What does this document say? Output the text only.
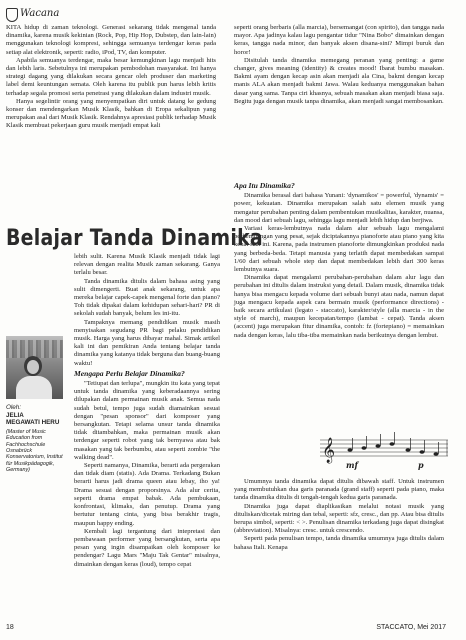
Wacana

KITA hidup di zaman teknologi. Generasi sekarang tidak mengenal tanda dinamika, karena musik kekinian (Rock, Pop, Hip Hop, Dubstep, dan lain-lain) menggunakan teknologi kompresi, sehingga semuanya terdengar keras pada setiap alat elektronik, seperti: radio, iPod, TV, dan komputer.

Apabila semuanya terdengar, maka besar kemungkinan lagu menjadi hits dan lebih laris. Sebetulnya ini merupakan pembodohan masyarakat. Ini hanya strategi dagang yang dilakukan secara gencar oleh produser dan marketing label demi keuntungan semata. Oleh karena itu publik pun harus lebih kritis terhadap segala promosi serta penetrasi yang dilakukan dalam industri musik.

Hanya segelintir orang yang menyempatkan diri untuk datang ke gedung konser dan mendengarkan Musik Klasik, bahkan di Eropa sekalipun yang merupakan asal dari Musik Klasik. Rendahnya apresiasi publik terhadap Musik Klasik membuat pekerjaan guru musik menjadi empat kali

seperti orang berbaris (alla marcia), bersemangat (con spirito), dan tangga nada mayor. Apa jadinya kalau lagu pengantar tidur "Nina Bobo" dimainkan dengan keras, tangga nada minor, dan banyak aksen disana-sini? Mimpi buruk dan horor!

Disitulah tanda dinamika memegang peranan yang penting: a game changer, gives meaning (identity) & creates mood! Ibarat bumbu masakan. Bakmi ayam dengan kecap asin akan menjadi ala Cina, bakmi dengan kecap manis ALA akan menjadi bakmi Jawa. Walau keduanya menggunakan bahan dasar yang sama. Tanpa ciri khasnya, sebuah masakan akan menjadi biasa saja. Begitu juga dengan musik tanpa dinamika, akan menjadi sangat membosankan.

Apa Itu Dinamika?

Dinamika berasal dari bahasa Yunani: 'dynamikos' = powerful, 'dynamis' = power, kekuatan. Dinamika merupakan salah satu elemen musik yang mengatur perubahan penting dalam pembentukan musikalitas, karakter, nuansa, dan mood dari sebuah lagu, sehingga lagu menjadi lebih hidup dan berjiwa.

Variasi keras-lembutnya nada dalam alur sebuah lagu mengalami perkembangan yang pesat, sejak diciptakannya pianoforte atau piano yang kita kenal saat ini. Karena, pada instrumen pianoforte dimungkinkan produksi nada yang berbeda-beda. Tetapi manusia yang terlatih dapat membedakan sampai 1/60 dari sebuah whole step dan dapat membedakan lebih dari 300 keras lembutnya suara.

Dinamika dapat mengalami perubahan-perubahan dalam alur lagu dan perubahan ini ditulis dalam instruksi yang detail. Dalam musik, dinamika tidak hanya bisa mengacu kepada volume dari sebuah bunyi atau nada, namun dapat juga mengacu kepada aspek cara bermain musik (performance directions) - baik secara artikulasi (legato - staccato), karakter/style (alla marcia - in the style of march), maupun kecepatan/tempo (lambat - cepat). Tanda aksen (accent) juga merupakan fitur dinamika, contoh: fz (fortepiano) = memainkan nada dengan keras, lalu tiba-tiba memainkan nada berikutnya dengan lembut.

Belajar Tanda Dinamika
Oleh:
JELIA
MEGAWATI HERU
(Master of Music Education from Fachhochschule Osnabrück Konservatorium, Institut für Musikpädagogik, Germany)

lebih sulit. Karena Musik Klasik menjadi tidak lagi relevan dengan realita Musik zaman sekarang. Ganya terlalu besar.

Tanda dinamika ditulis dalam bahasa asing yang sulit dimengerti. Buat anak sekarang, untuk apa mereka belajar capek-capek mengenal forte dan piano? Toh tidak dipakai dalam kehidupan sehari-hari? PR di sekolah sudah banyak, belum les ini-itu.

Tampaknya memang pendidikan musik masih menyisakan segudang PR bagi pelaku pendidikan musik. Harga yang harus dibayar mahal. Simak artikel kali ini dan pemikiran Anda tentang belajar tanda dinamika yang katanya tidak berguna dan buang-buang waktu!

Mengapa Perlu Belajar Dinamika?

"Tetiupat dan terlupa", mungkin itu kata yang tepat untuk tanda dinamika yang keberadaannya sering dilupakan dalam permainan musik anak. Semua nada sudah betul, tempo juga sudah diamainkan sesuai dengan "pesan sponsor" dari komposer yang bersangkutan. Tetapi selama unsur tanda dinamika tidak ditambahkan, maka permainan musik akan terdengar seperti robot yang tak bernyawa atau bak masakan yang tak berbumbu, atau seperti zombie "the walking dead".

Seperti namanya, Dinamika, berarti ada pergerakan dan tidak diam (statis). Ada Drama. Terkadang Bukan berarti harus jadi drama queen atau lebay, iho ya! Drama sesuai dengan proporsinya. Ada alur cerita, seperti drama empat babak. Ada pembukaan, konfrontasi, klimaks, dan penutup. Drama yang bertutur tentang cinta, yang bisa berakhir tragis, maupun happy ending.

Kembali lagi tergantung dari intepretasi dan pembawaan performer yang bersangkutan, serta apa pesan yang ingin disampaikan oleh komposer ke pendengar? Lagu Mars "Maju Tak Gentar" misalnya, dimainkan dengan keras (loud), tempo cepat

𝄞
mf	p

Umumnya tanda dinamika dapat ditulis dibawah staff. Untuk instrumen yang membutuhkan dua garis paranada (grand staff) seperti pada piano, maka tanda dinamika ditulis di tengah-tengah kedua garis paranada.

Dinamika juga dapat diaplikasikan melalui notasi musik yang dituliskan/dicetak miring dan tebal, seperti: sfz, cresc., dan pp. Atau bisa ditulis berupa simbol, seperti: < >. Penulisan dinamika terkadang juga dapat disingkat (abbreviation). Misalnya: cresc. untuk crescendo.

Seperti pada penulisan tempo, tanda dinamika umumnya juga ditulis dalam bahasa Itali. Kenapa

18	STACCATO, Mei 2017
